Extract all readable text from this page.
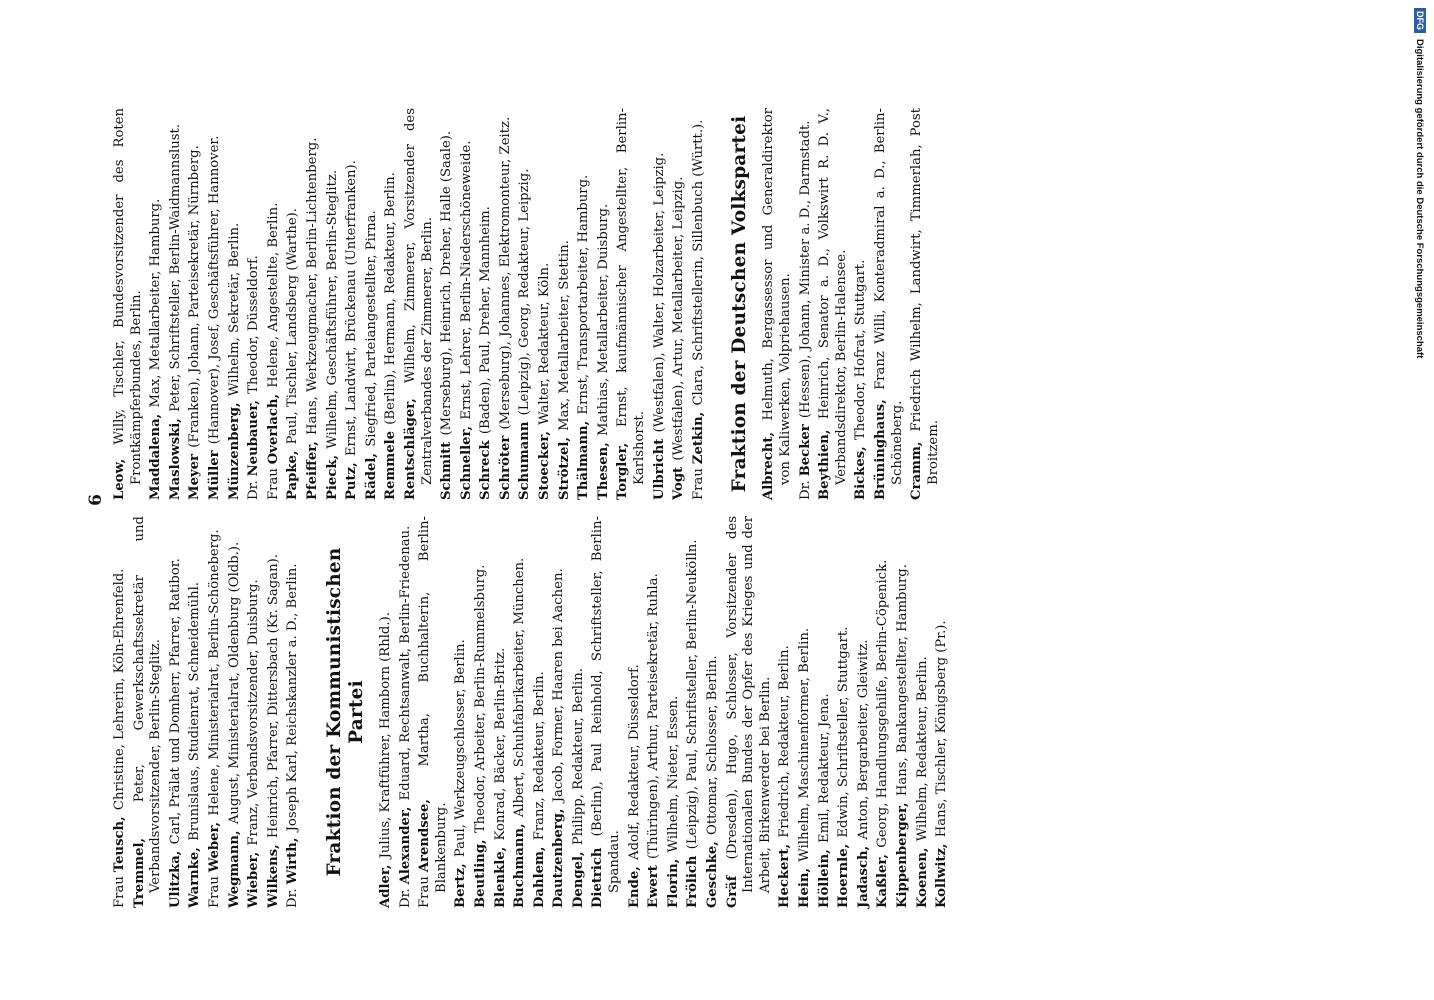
6
FrauTeusch, Christine, Lehrerin, Köln-Ehrenfeld.
Tremmel, Peter, Gewerkschaftssekretär und Verbandsvorsitzender, Berlin-Steglitz. Ulitzka, Carl, Prälat und Domherr, Pfarrer, Ratibor.
Warnke, Brunislaus, Studienrat, Schneidemühl.
FrauWeber, Helene, Ministerialrat, Berlin-Schöneberg.
Wegmann, August, Ministerialrat, Oldenburg (Oldb.).
Wieber, Franz, Verbandsvorsitzender, Duisburg.
Wilkens, Heinrich, Pfarrer, Dittersbach (Kr. Sagan).
Dr.Wirth, Joseph Karl, Reichskanzler a. D., Berlin. Fraktion der Kommunistischen Partei
Adler, Julius, Kraftführer, Hamborn (Rhld.).
Dr.Alexander, Eduard, Rechtsanwalt, Berlin-Friedenau.
FrauArendsee, Martha, Buchhalterin, Berlin-Blankenburg. Bertz, Paul, Werkzeugschlosser, Berlin.
Beutling, Theodor, Arbeiter, Berlin-Rummelsburg.
Blenkle, Konrad, Bäcker, Berlin-Britz.
Buchmann, Albert, Schuhfabrikarbeiter, München.
Dahlem, Franz, Redakteur, Berlin.
Dautzenberg, Jacob, Former, Haaren bei Aachen.
Dengel, Philipp, Redakteur, Berlin.
Dietrich (Berlin), Paul Reinhold, Schriftsteller, Berlin-Spandau. Ende, Adolf, Redakteur, Düsseldorf.
Ewert (Thüringen), Arthur, Parteisekretär, Ruhla.
Florin, Wilhelm, Nieter, Essen.
Frölich (Leipzig), Paul, Schriftsteller, Berlin-Neukölln.
Geschke, Ottomar, Schlosser, Berlin.
Gräf (Dresden), Hugo, Schlosser, Vorsitzender des Internationalen Bundes der Opfer des Krieges und der Arbeit, Birkenwerder bei Berlin. Heckert, Friedrich, Redakteur, Berlin.
Hein, Wilhelm, Maschinenformer, Berlin.
Höllein, Emil, Redakteur, Jena.
Hoernle, Edwin, Schriftsteller, Stuttgart.
Jadasch, Anton, Bergarbeiter, Gleiwitz.
Kaßler, Georg, Handlungsgehilfe, Berlin-Cöpenick.
Kippenberger, Hans, Bankangestellter, Hamburg.
Koenen, Wilhelm, Redakteur, Berlin.
Kollwitz, Hans, Tischler, Königsberg (Pr.).
Leow, Willy, Tischler, Bundesvorsitzender des Roten Frontkämpferbundes, Berlin. Maddalena, Max, Metallarbeiter, Hamburg.
Maslowski, Peter, Schriftsteller, Berlin-Waidmannslust.
Meyer (Franken), Johann, Parteisekretär, Nürnberg.
Müller (Hannover), Josef, Geschäftsführer, Hannover.
Münzenberg, Wilhelm, Sekretär, Berlin.
Dr.Neubauer, Theodor, Düsseldorf.
FrauOverlach, Helene, Angestellte, Berlin.
Papke, Paul, Tischler, Landsberg (Warthe).
Pfeiffer, Hans, Werkzeugmacher, Berlin-Lichtenberg.
Pieck, Wilhelm, Geschäftsführer, Berlin-Steglitz.
Putz, Ernst, Landwirt, Brückenau (Unterfranken).
Rädel, Siegfried, Parteiangestellter, Pirna.
Remmele (Berlin), Hermann, Redakteur, Berlin.
Rentschläger, Wilhelm, Zimmerer, Vorsitzender des Zentralverbandes der Zimmerer, Berlin. Schmitt (Merseburg), Heinrich, Dreher, Halle (Saale).
Schneller, Ernst, Lehrer, Berlin-Niederschöneweide.
Schreck (Baden), Paul, Dreher, Mannheim.
Schröter (Merseburg), Johannes, Elektromonteur, Zeitz.
Schumann (Leipzig), Georg, Redakteur, Leipzig.
Stoecker, Walter, Redakteur, Köln.
Strötzel, Max, Metallarbeiter, Stettin.
Thälmann, Ernst, Transportarbeiter, Hamburg.
Thesen, Mathias, Metallarbeiter, Duisburg.
Torgler, Ernst, kaufmännischer Angestellter, Berlin-Karlshorst. Ulbricht (Westfalen), Walter, Holzarbeiter, Leipzig.
Vogt (Westfalen), Artur, Metallarbeiter, Leipzig.
FrauZetkin, Clara, Schriftstellerin, Sillenbuch (Württ.). Fraktion der Deutschen Volkspartei Albrecht, Helmuth, Bergassessor und Generaldirektor von Kaliwerken, Volpriehausen.
Dr.Becker (Hessen), Johann, Minister a. D., Darmstadt.
Beythien, Heinrich, Senator a. D., Volkswirt R. D. V., Verbandsdirektor, Berlin-Halensee. Bickes, Theodor, Hofrat, Stuttgart.
Brüninghaus, Franz Willi, Konteradmiral a. D., Berlin-Schöneberg. Cramm, Friedrich Wilhelm, Landwirt, Timmerlah, Post Broitzem.
DFGDigitalisierung gefördert durch die Deutsche Forschungsgemeinschaft
